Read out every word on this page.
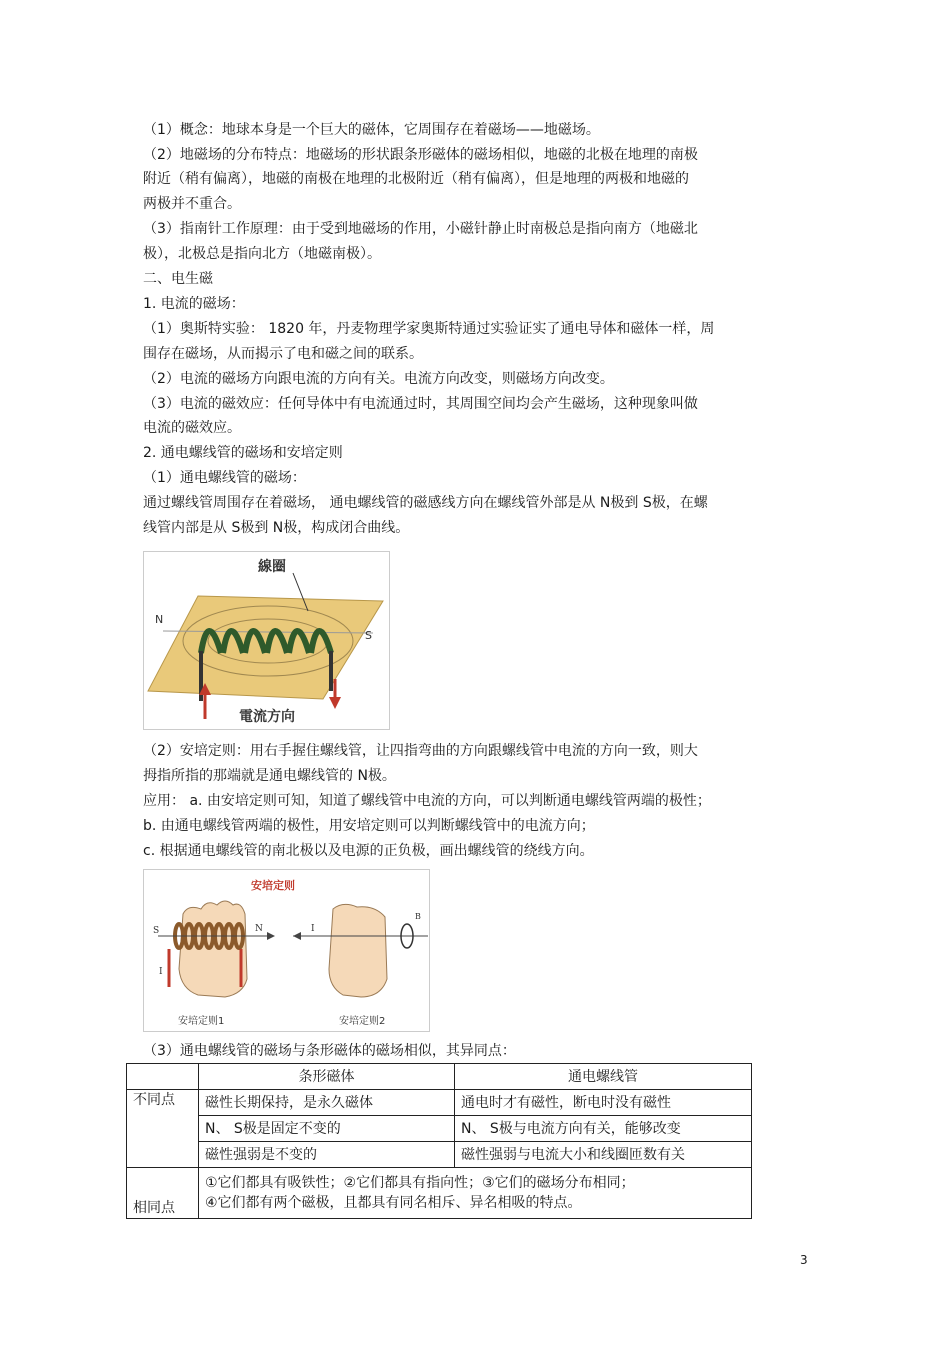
（1）概念：地球本身是一个巨大的磁体，它周围存在着磁场——地磁场。
（2）地磁场的分布特点：地磁场的形状跟条形磁体的磁场相似，地磁的北极在地理的南极
附近（稍有偏离），地磁的南极在地理的北极附近（稍有偏离），但是地理的两极和地磁的
两极并不重合。
（3）指南针工作原理：由于受到地磁场的作用，小磁针静止时南极总是指向南方（地磁北
极），北极总是指向北方（地磁南极）。
二、电生磁
1. 电流的磁场：
（1）奥斯特实验： 1820 年，丹麦物理学家奥斯特通过实验证实了通电导体和磁体一样，周
围存在磁场，从而揭示了电和磁之间的联系。
（2）电流的磁场方向跟电流的方向有关。电流方向改变，则磁场方向改变。
（3）电流的磁效应：任何导体中有电流通过时，其周围空间均会产生磁场，这种现象叫做
电流的磁效应。
2. 通电螺线管的磁场和安培定则
（1）通电螺线管的磁场：
通过螺线管周围存在着磁场， 通电螺线管的磁感线方向在螺线管外部是从 N极到 S极，在螺
线管内部是从 S极到 N极，构成闭合曲线。
線圈
N
S
電流方向
（2）安培定则：用右手握住螺线管，让四指弯曲的方向跟螺线管中电流的方向一致，则大
拇指所指的那端就是通电螺线管的 N极。
应用： a. 由安培定则可知，知道了螺线管中电流的方向，可以判断通电螺线管两端的极性；
b. 由通电螺线管两端的极性，用安培定则可以判断螺线管中的电流方向；
c. 根据通电螺线管的南北极以及电源的正负极，画出螺线管的绕线方向。
安培定则
S	N
I
I
B
安培定则1	安培定则2
（3）通电螺线管的磁场与条形磁体的磁场相似，其异同点：
	条形磁体	通电螺线管
不同点	磁性长期保持，是永久磁体	通电时才有磁性，断电时没有磁性
	N、 S极是固定不变的	N、 S极与电流方向有关，能够改变
	磁性强弱是不变的	磁性强弱与电流大小和线圈匝数有关
相同点	①它们都具有吸铁性；②它们都具有指向性；③它们的磁场分布相同；
④它们都有两个磁极，且都具有同名相斥、异名相吸的特点。	
3
